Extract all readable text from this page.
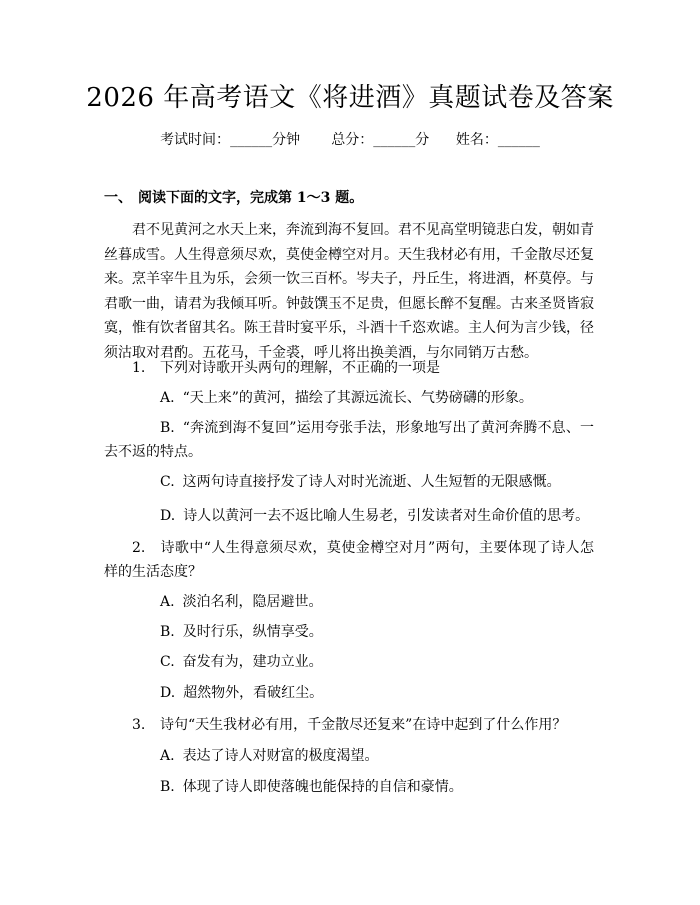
2026 年高考语文《将进酒》真题试卷及答案
考试时间：______分钟 总分：______分 姓名：______
一、 阅读下面的文字，完成第 1～3 题。

君不见黄河之水天上来，奔流到海不复回。君不见高堂明镜悲白发，朝如青丝暮成雪。人生得意须尽欢，莫使金樽空对月。天生我材必有用，千金散尽还复来。烹羊宰牛且为乐，会须一饮三百杯。岑夫子，丹丘生，将进酒，杯莫停。与君歌一曲，请君为我倾耳听。钟鼓馔玉不足贵，但愿长醉不复醒。古来圣贤皆寂寞，惟有饮者留其名。陈王昔时宴平乐，斗酒十千恣欢谑。主人何为言少钱，径须沽取对君酌。五花马，千金裘，呼儿将出换美酒，与尔同销万古愁。

1. 下列对诗歌开头两句的理解，不正确的一项是

A. “天上来”的黄河，描绘了其源远流长、气势磅礴的形象。

B. “奔流到海不复回”运用夸张手法，形象地写出了黄河奔腾不息、一去不返的特点。

C. 这两句诗直接抒发了诗人对时光流逝、人生短暂的无限感慨。

D. 诗人以黄河一去不返比喻人生易老，引发读者对生命价值的思考。

2. 诗歌中“人生得意须尽欢，莫使金樽空对月”两句，主要体现了诗人怎样的生活态度？

A. 淡泊名利，隐居避世。

B. 及时行乐，纵情享受。

C. 奋发有为，建功立业。

D. 超然物外，看破红尘。

3. 诗句“天生我材必有用，千金散尽还复来”在诗中起到了什么作用？

A. 表达了诗人对财富的极度渴望。

B. 体现了诗人即使落魄也能保持的自信和豪情。
